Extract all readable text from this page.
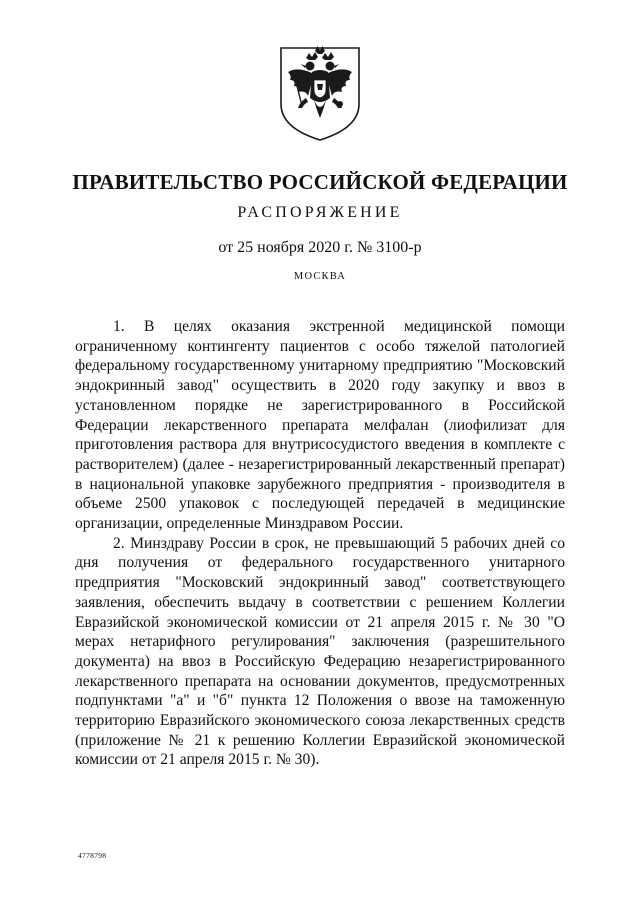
ПРАВИТЕЛЬСТВО РОССИЙСКОЙ ФЕДЕРАЦИИ
РАСПОРЯЖЕНИЕ
от 25 ноября 2020 г. № 3100-р
МОСКВА

1. В целях оказания экстренной медицинской помощи ограниченному контингенту пациентов с особо тяжелой патологией федеральному государственному унитарному предприятию "Московский эндокринный завод" осуществить в 2020 году закупку и ввоз в установленном порядке не зарегистрированного в Российской Федерации лекарственного препарата мелфалан (лиофилизат для приготовления раствора для внутрисосудистого введения в комплекте с растворителем) (далее - незарегистрированный лекарственный препарат) в национальной упаковке зарубежного предприятия - производителя в объеме 2500 упаковок с последующей передачей в медицинские организации, определенные Минздравом России.

2. Минздраву России в срок, не превышающий 5 рабочих дней со дня получения от федерального государственного унитарного предприятия "Московский эндокринный завод" соответствующего заявления, обеспечить выдачу в соответствии с решением Коллегии Евразийской экономической комиссии от 21 апреля 2015 г. № 30 "О мерах нетарифного регулирования" заключения (разрешительного документа) на ввоз в Российскую Федерацию незарегистрированного лекарственного препарата на основании документов, предусмотренных подпунктами "а" и "б" пункта 12 Положения о ввозе на таможенную территорию Евразийского экономического союза лекарственных средств (приложение № 21 к решению Коллегии Евразийской экономической комиссии от 21 апреля 2015 г. № 30).

4778798
